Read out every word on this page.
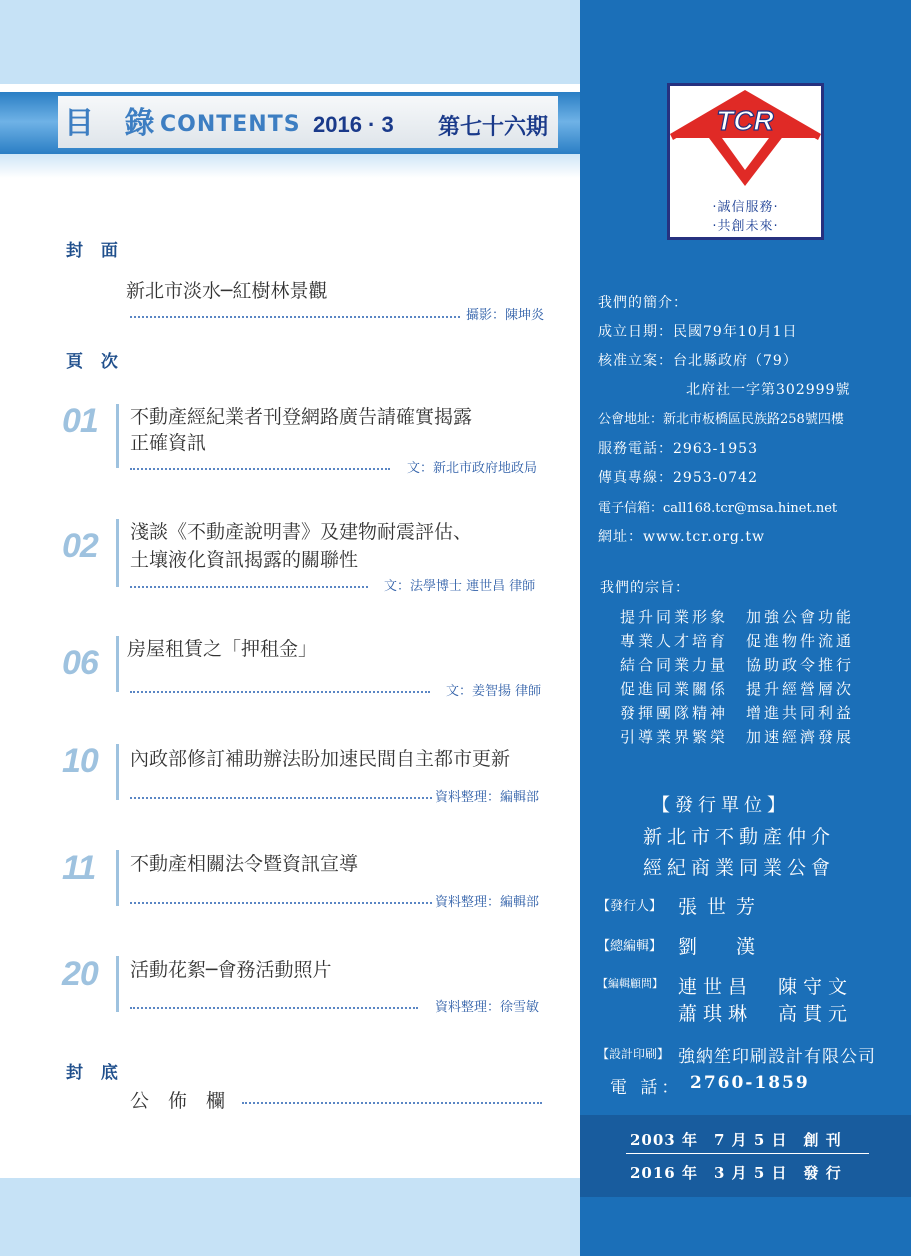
目 錄
CONTENTS 2016 · 3 第七十六期
封 面
新北市淡水─紅樹林景觀
攝影：陳坤炎
頁 次
01 不動產經紀業者刊登網路廣告請確實揭露
正確資訊
文：新北市政府地政局
02 淺談《不動產說明書》及建物耐震評估、
土壤液化資訊揭露的關聯性
文：法學博士 連世昌 律師
06 房屋租賃之「押租金」
文：姜智揚 律師
10 內政部修訂補助辦法盼加速民間自主都市更新
資料整理：編輯部
11 不動產相關法令暨資訊宣導
資料整理：編輯部
20 活動花絮─會務活動照片
資料整理：徐雪敏
封 底
公　佈　欄
TCR
‧誠信服務‧
‧共創未來‧
我們的簡介：
成立日期：民國79年10月1日
核准立案：台北縣政府（79）
北府社一字第302999號
公會地址：新北市板橋區民族路258號四樓
服務電話：2963-1953
傳真專線：2953-0742
電子信箱：call168.tcr@msa.hinet.net
網址：www.tcr.org.tw
我們的宗旨：
提升同業形象　加強公會功能
專業人才培育　促進物件流通
結合同業力量　協助政令推行
促進同業關係　提升經營層次
發揮團隊精神　增進共同利益
引導業界繁榮　加速經濟發展
【發行單位】
新北市不動產仲介
經紀商業同業公會
【發行人】 張世芳
【總編輯】 劉　漢
【編輯顧問】 連世昌　陳守文
蕭琪琳　高貫元
【設計印刷】 強納笙印刷設計有限公司
電 話： 2760-1859
2003 年　7 月 5 日　創 刊
2016 年　3 月 5 日　發 行
